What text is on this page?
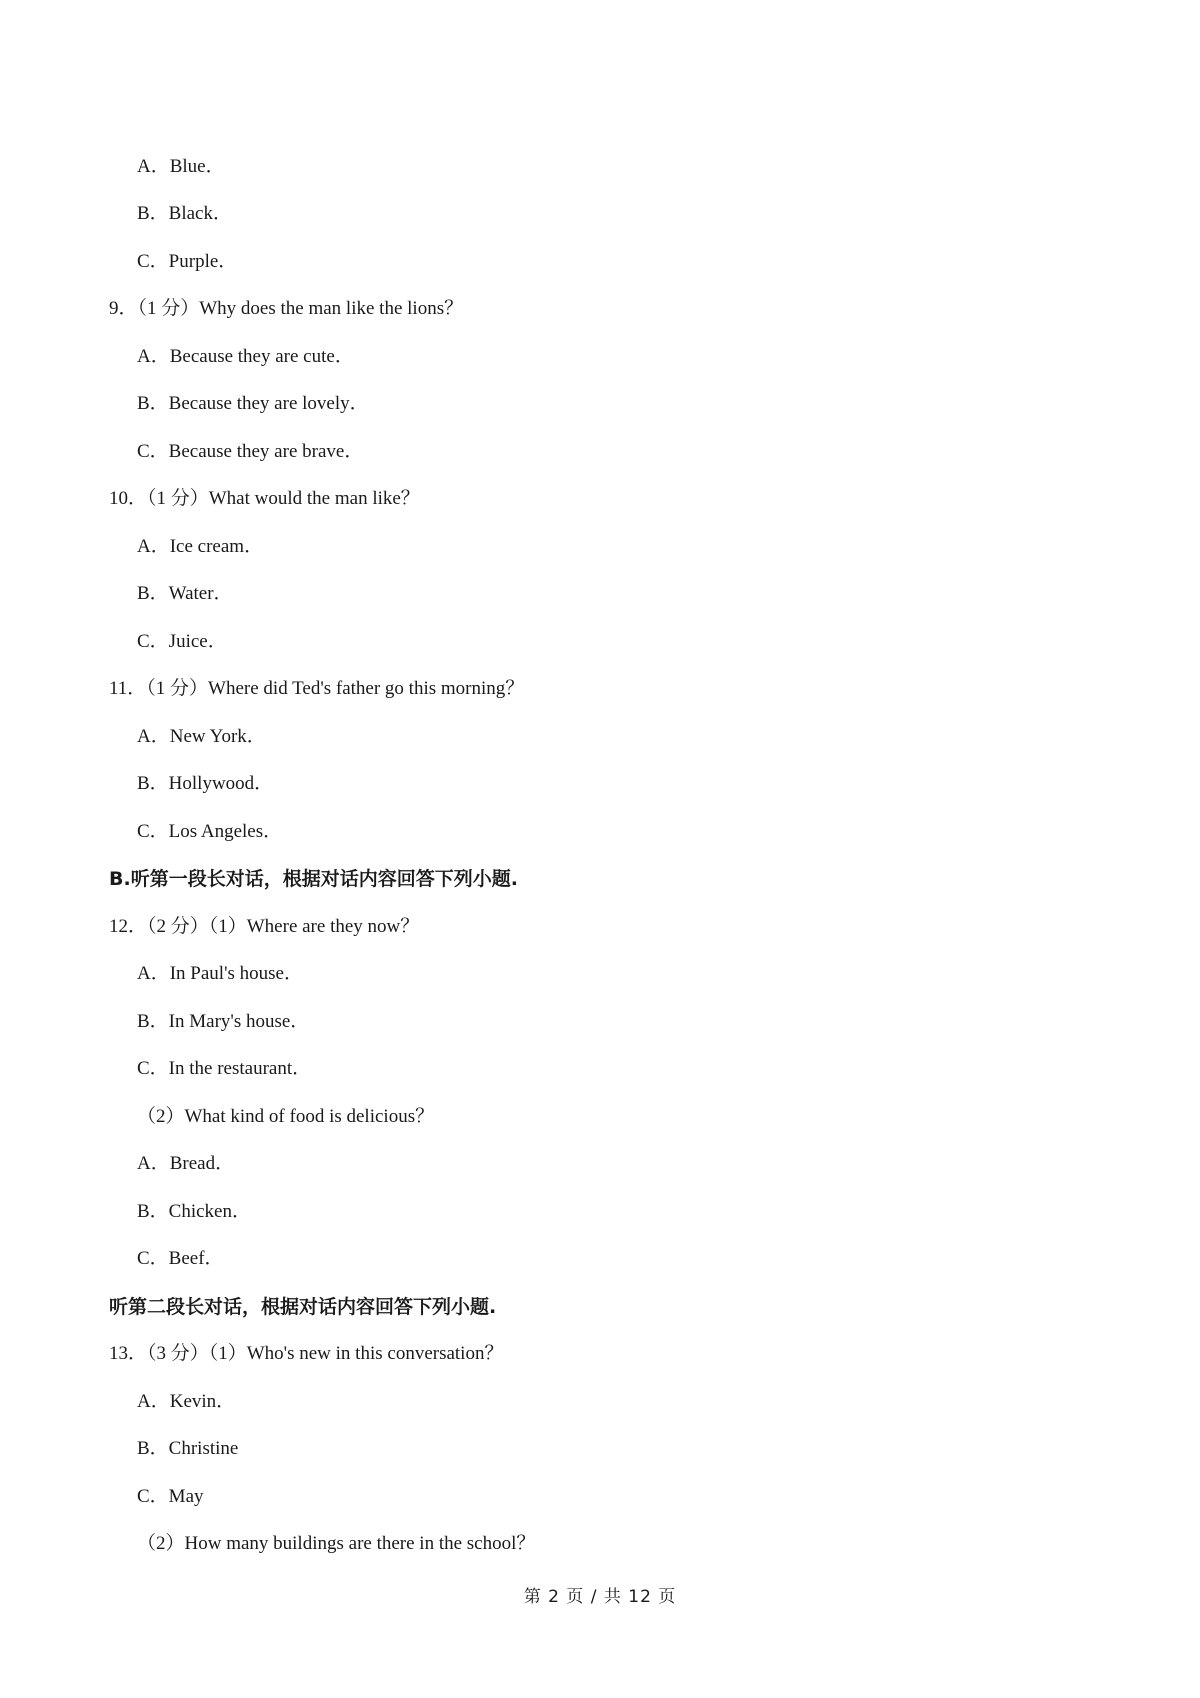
A．Blue．
B．Black．
C．Purple．
9．（1 分）Why does the man like the lions？
A．Because they are cute．
B．Because they are lovely．
C．Because they are brave．
10．（1 分）What would the man like？
A．Ice cream．
B．Water．
C．Juice．
11．（1 分）Where did Ted's father go this morning？
A．New York．
B．Hollywood．
C．Los Angeles．
B.听第一段长对话，根据对话内容回答下列小题.
12．（2 分）（1）Where are they now？
A．In Paul's house．
B．In Mary's house．
C．In the restaurant．
（2）What kind of food is delicious？
A．Bread．
B．Chicken．
C．Beef．
听第二段长对话，根据对话内容回答下列小题.
13．（3 分）（1）Who's new in this conversation？
A．Kevin．
B．Christine
C．May
（2）How many buildings are there in the school？
第 2 页 / 共 12 页
